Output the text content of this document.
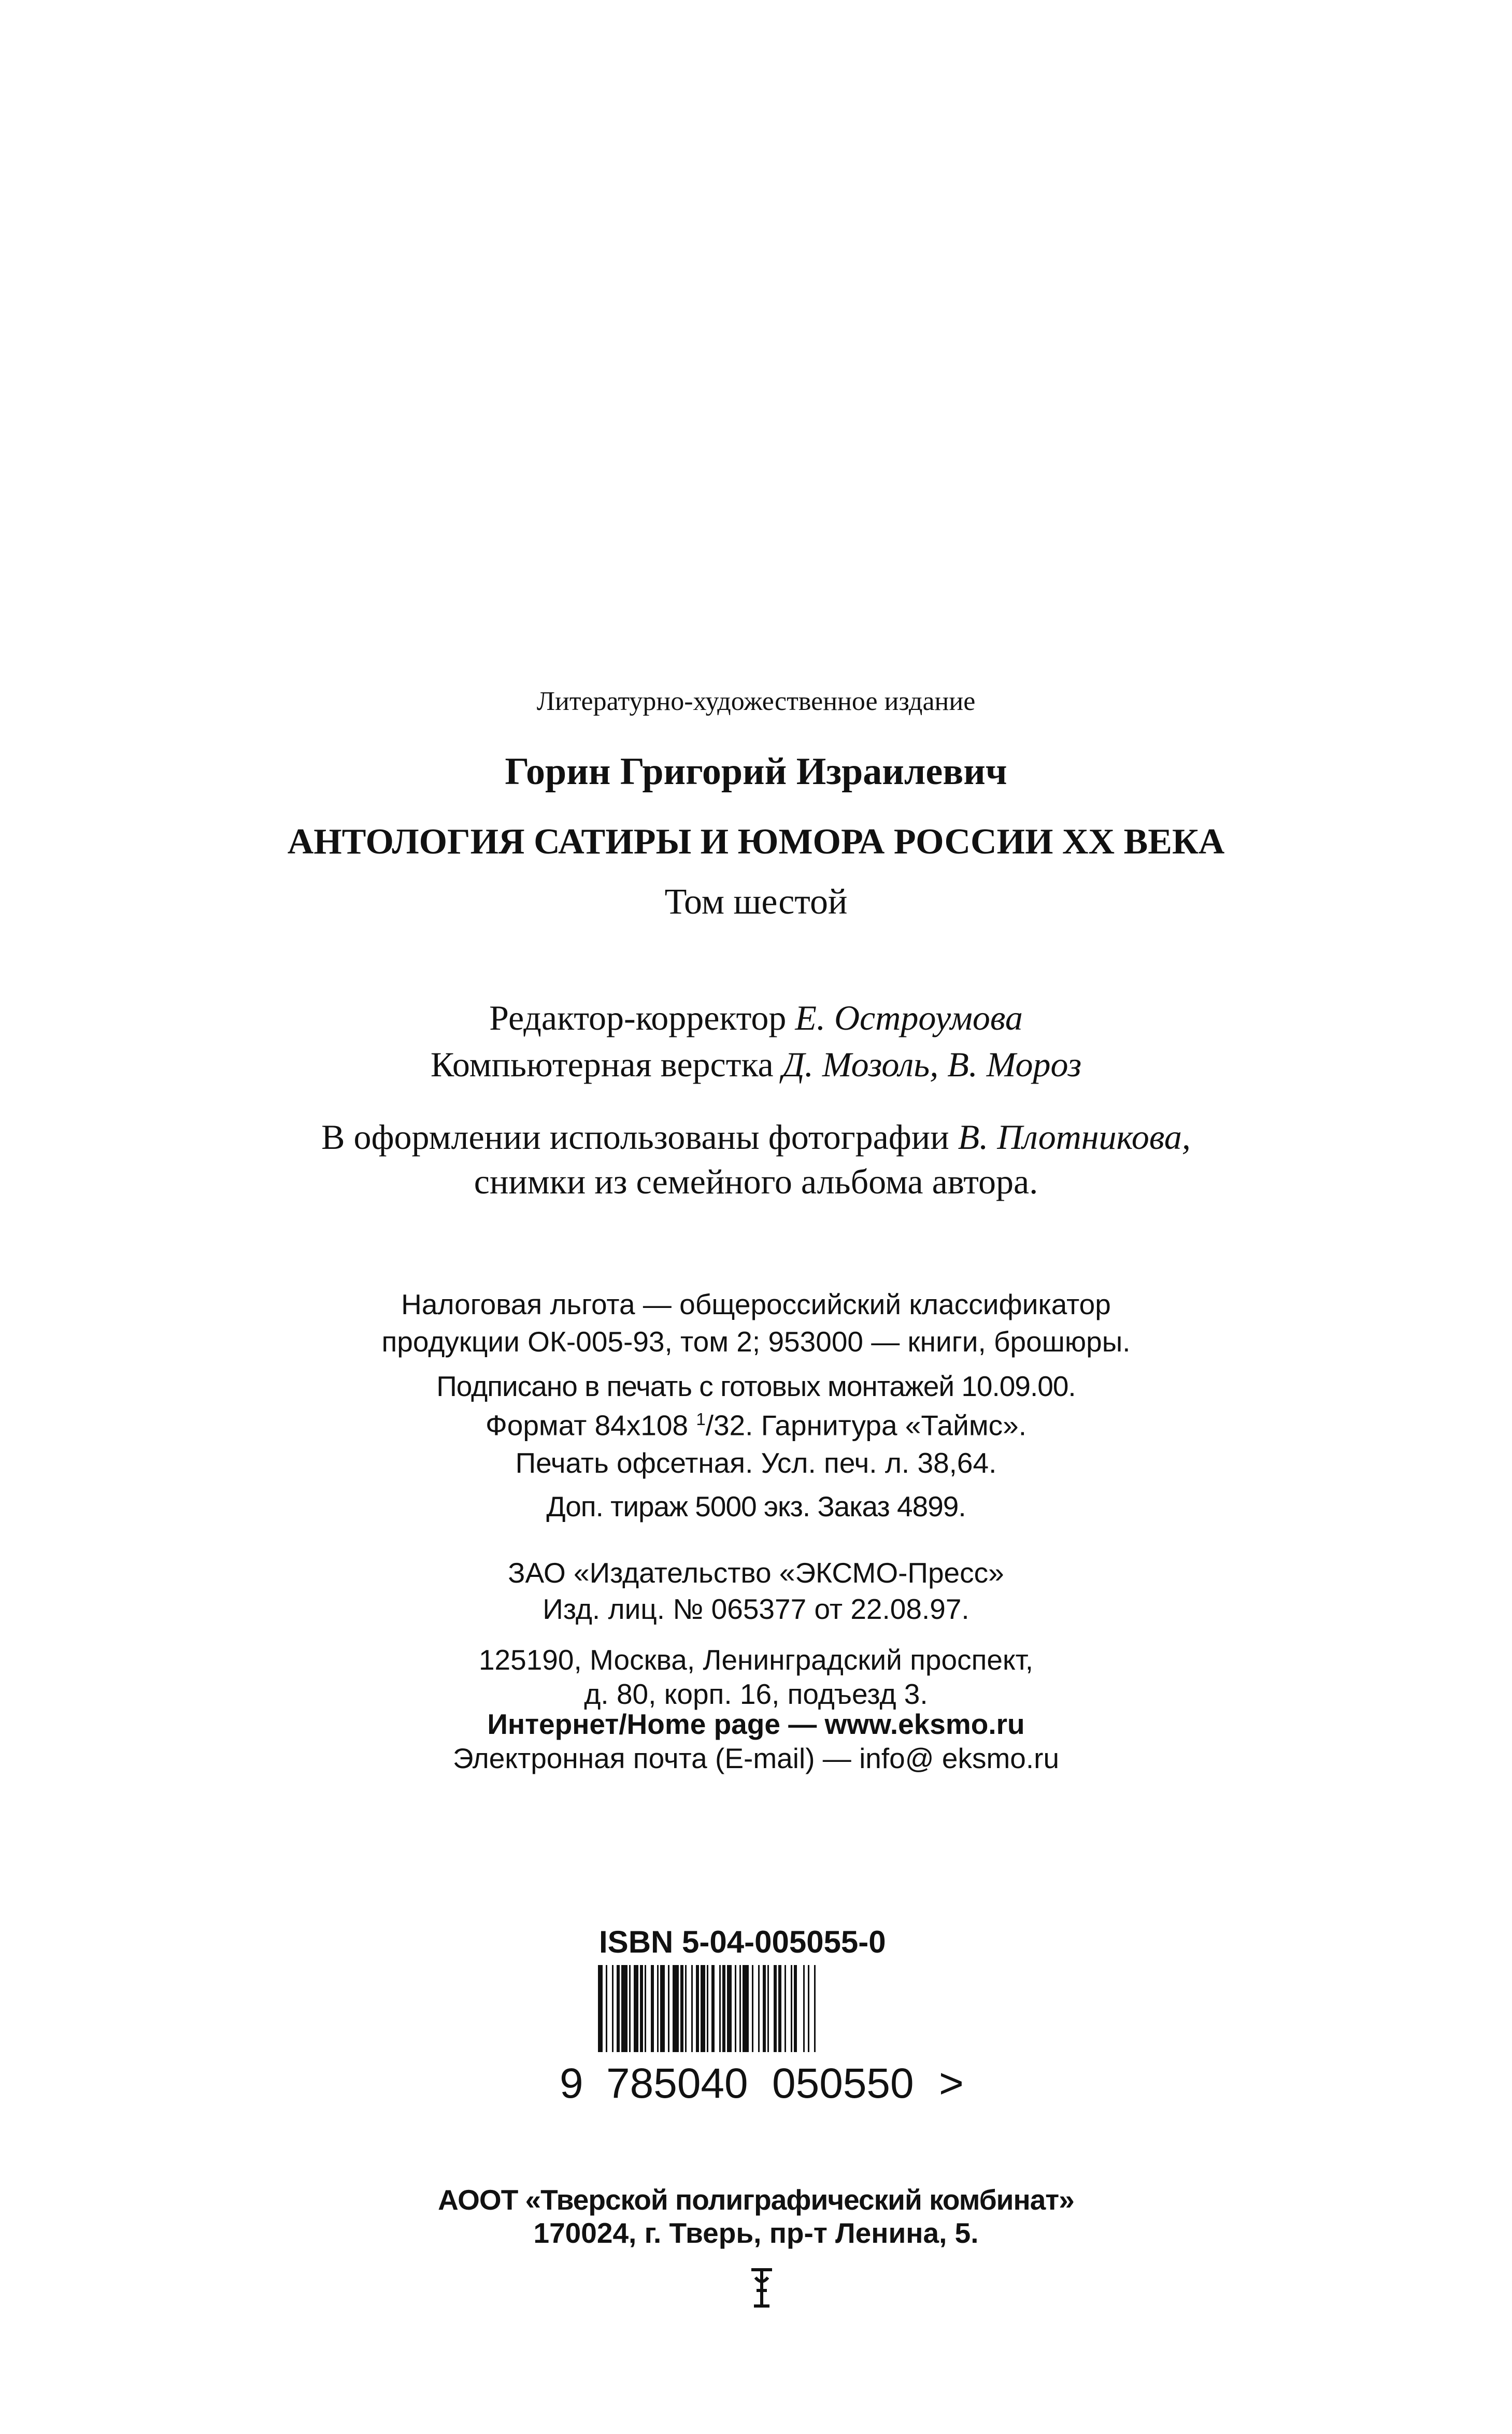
Литературно-художественное издание
Горин Григорий Израилевич
АНТОЛОГИЯ САТИРЫ И ЮМОРА РОССИИ ХХ ВЕКА
Том шестой
Редактор-корректор Е. Остроумова
Компьютерная верстка Д. Мозоль, В. Мороз
В оформлении использованы фотографии В. Плотникова,
снимки из семейного альбома автора.
Налоговая льгота — общероссийский классификатор
продукции ОК-005-93, том 2; 953000 — книги, брошюры.
Подписано в печать с готовых монтажей 10.09.00.
Формат 84x108 $^1$/32. Гарнитура «Таймс».
Печать офсетная. Усл. печ. л. 38,64.
Доп. тираж 5000 экз. Заказ 4899.
ЗАО «Издательство «ЭКСМО-Пресс»
Изд. лиц. № 065377 от 22.08.97.
125190, Москва, Ленинградский проспект,
д. 80, корп. 16, подъезд 3.
Интернет/Home page — www.eksmo.ru
Электронная почта (E-mail) — info@ eksmo.ru
ISBN 5-04-005055-0
9 785040 050550 >
АООТ «Тверской полиграфический комбинат»
170024, г. Тверь, пр-т Ленина, 5.
